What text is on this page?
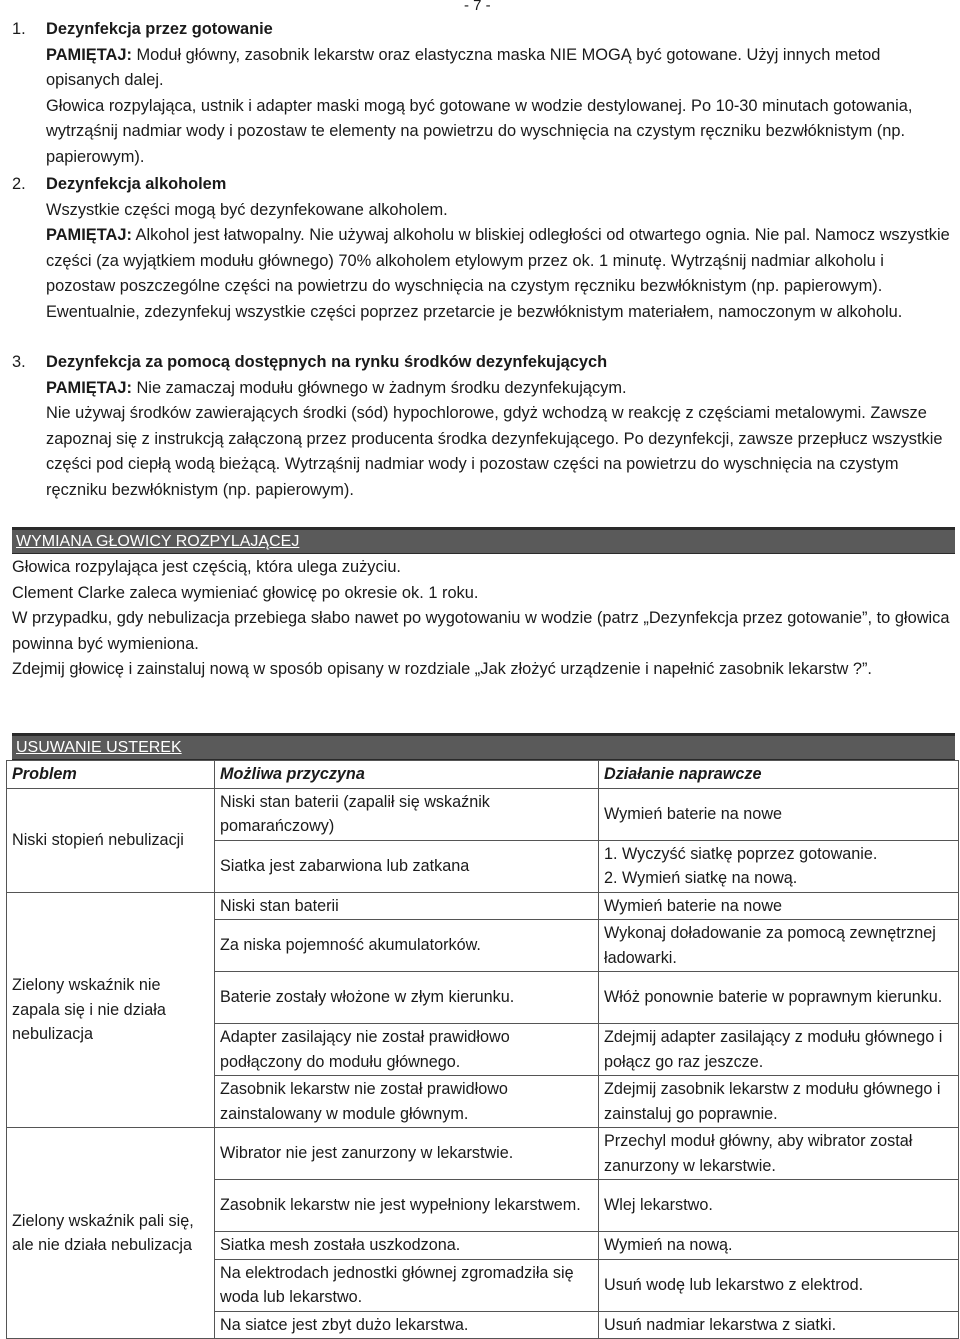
- 7 -
1. Dezynfekcja przez gotowanie
PAMIĘTAJ: Moduł główny, zasobnik lekarstw oraz elastyczna maska NIE MOGĄ być gotowane. Użyj innych metod opisanych dalej.
Głowica rozpylająca, ustnik i adapter maski mogą być gotowane w wodzie destylowanej. Po 10-30 minutach gotowania, wytrząśnij nadmiar wody i pozostaw te elementy na powietrzu do wyschnięcia na czystym ręczniku bezwłóknistym (np. papierowym).
2. Dezynfekcja alkoholem
Wszystkie części mogą być dezynfekowane alkoholem.
PAMIĘTAJ: Alkohol jest łatwopalny. Nie używaj alkoholu w bliskiej odległości od otwartego ognia. Nie pal. Namocz wszystkie części (za wyjątkiem modułu głównego) 70% alkoholem etylowym przez ok. 1 minutę. Wytrząśnij nadmiar alkoholu i pozostaw poszczególne części na powietrzu do wyschnięcia na czystym ręczniku bezwłóknistym (np. papierowym). Ewentualnie, zdezynfekuj wszystkie części poprzez przetarcie je bezwłóknistym materiałem, namoczonym w alkoholu.
3. Dezynfekcja za pomocą dostępnych na rynku środków dezynfekujących
PAMIĘTAJ: Nie zamaczaj modułu głównego w żadnym środku dezynfekującym.
Nie używaj środków zawierających środki (sód) hypochlorowe, gdyż wchodzą w reakcję z częściami metalowymi. Zawsze zapoznaj się z instrukcją załączoną przez producenta środka dezynfekującego. Po dezynfekcji, zawsze przepłucz wszystkie części pod ciepłą wodą bieżącą. Wytrząśnij nadmiar wody i pozostaw części na powietrzu do wyschnięcia na czystym ręczniku bezwłóknistym (np. papierowym).
WYMIANA GŁOWICY ROZPYLAJĄCEJ
Głowica rozpylająca jest częścią, która ulega zużyciu.
Clement Clarke zaleca wymieniać głowicę po okresie ok. 1 roku.
W przypadku, gdy nebulizacja przebiega słabo nawet po wygotowaniu w wodzie (patrz „Dezynfekcja przez gotowanie”, to głowica powinna być wymieniona.
Zdejmij głowicę i zainstaluj nową w sposób opisany w rozdziale „Jak złożyć urządzenie i napełnić zasobnik lekarstw ?”.
USUWANIE USTEREK
Problem	Możliwa przyczyna	Działanie naprawcze
Niski stopień nebulizacji	Niski stan baterii (zapalił się wskaźnik pomarańczowy)	Wymień baterie na nowe
	Siatka jest zabarwiona lub zatkana	1. Wyczyść siatkę poprzez gotowanie.
2. Wymień siatkę na nową.

Zielony wskaźnik nie zapala się i nie działa nebulizacja	Niski stan baterii	Wymień baterie na nowe
	Za niska pojemność akumulatorków.	Wykonaj doładowanie za pomocą zewnętrznej ładowarki.
	Baterie zostały włożone w złym kierunku.	Włóż ponownie baterie w poprawnym kierunku.
	Adapter zasilający nie został prawidłowo podłączony do modułu głównego.	Zdejmij adapter zasilający z modułu głównego i połącz go raz jeszcze.
	Zasobnik lekarstw nie został prawidłowo zainstalowany w module głównym.	Zdejmij zasobnik lekarstw z modułu głównego i zainstaluj go poprawnie.
Zielony wskaźnik pali się, ale nie działa nebulizacja	Wibrator nie jest zanurzony w lekarstwie.	Przechyl moduł główny, aby wibrator został zanurzony w lekarstwie.
	Zasobnik lekarstw nie jest wypełniony lekarstwem.	Wlej lekarstwo.
	Siatka mesh została uszkodzona.	Wymień na nową.
	Na elektrodach jednostki głównej zgromadziła się woda lub lekarstwo.	Usuń wodę lub lekarstwo z elektrod.
	Na siatce jest zbyt dużo lekarstwa.	Usuń nadmiar lekarstwa z siatki.
